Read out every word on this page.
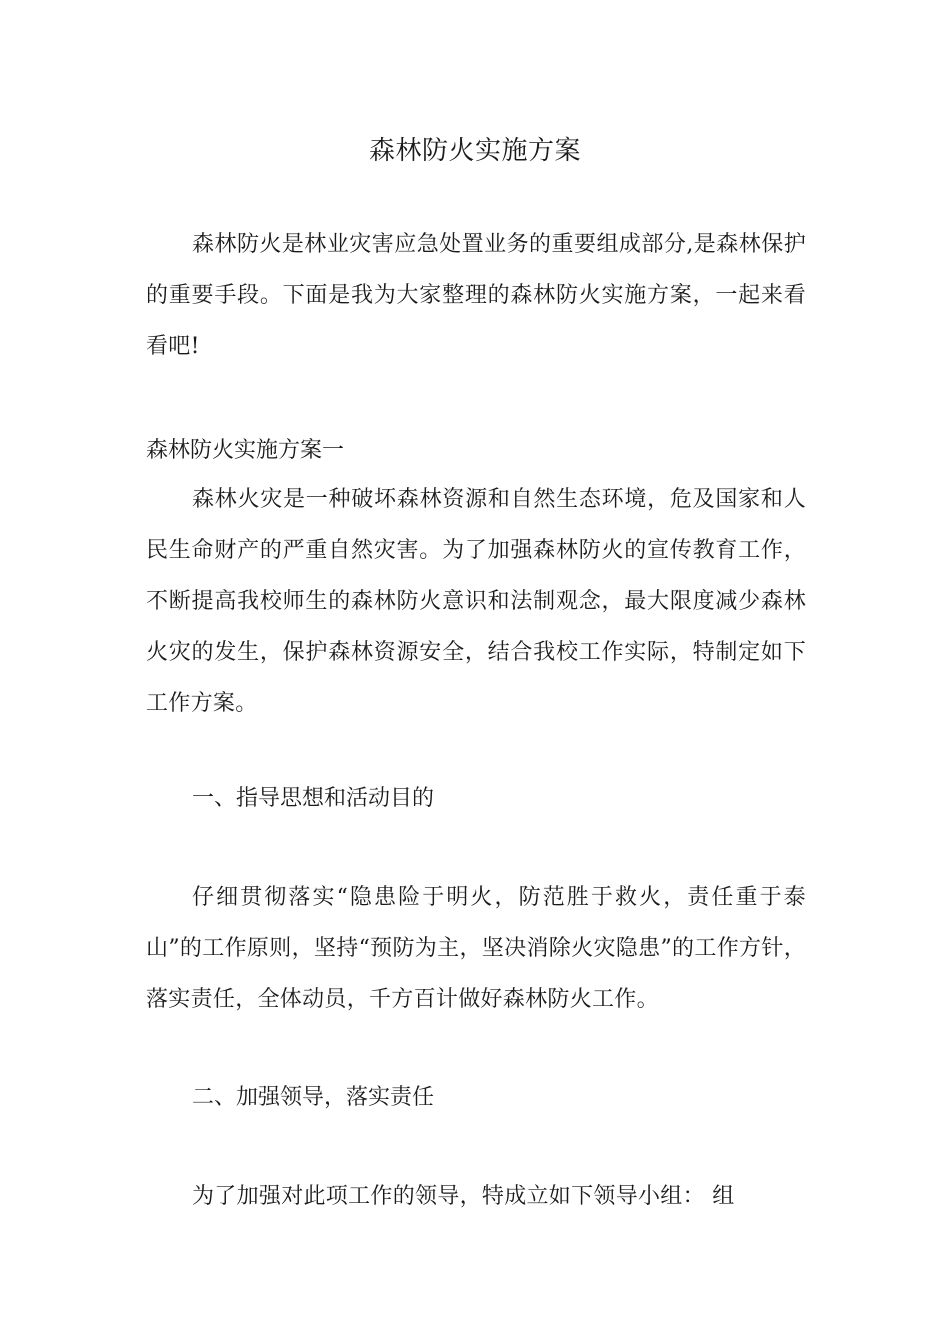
森林防火实施方案

森林防火是林业灾害应急处置业务的重要组成部分,是森林保护的重要手段。下面是我为大家整理的森林防火实施方案，一起来看看吧!

森林防火实施方案一

森林火灾是一种破坏森林资源和自然生态环境，危及国家和人民生命财产的严重自然灾害。为了加强森林防火的宣传教育工作，不断提高我校师生的森林防火意识和法制观念，最大限度减少森林火灾的发生，保护森林资源安全，结合我校工作实际，特制定如下工作方案。

一、指导思想和活动目的

仔细贯彻落实“隐患险于明火，防范胜于救火，责任重于泰山”的工作原则，坚持“预防为主，坚决消除火灾隐患”的工作方针，落实责任，全体动员，千方百计做好森林防火工作。

二、加强领导，落实责任

为了加强对此项工作的领导，特成立如下领导小组： 组
